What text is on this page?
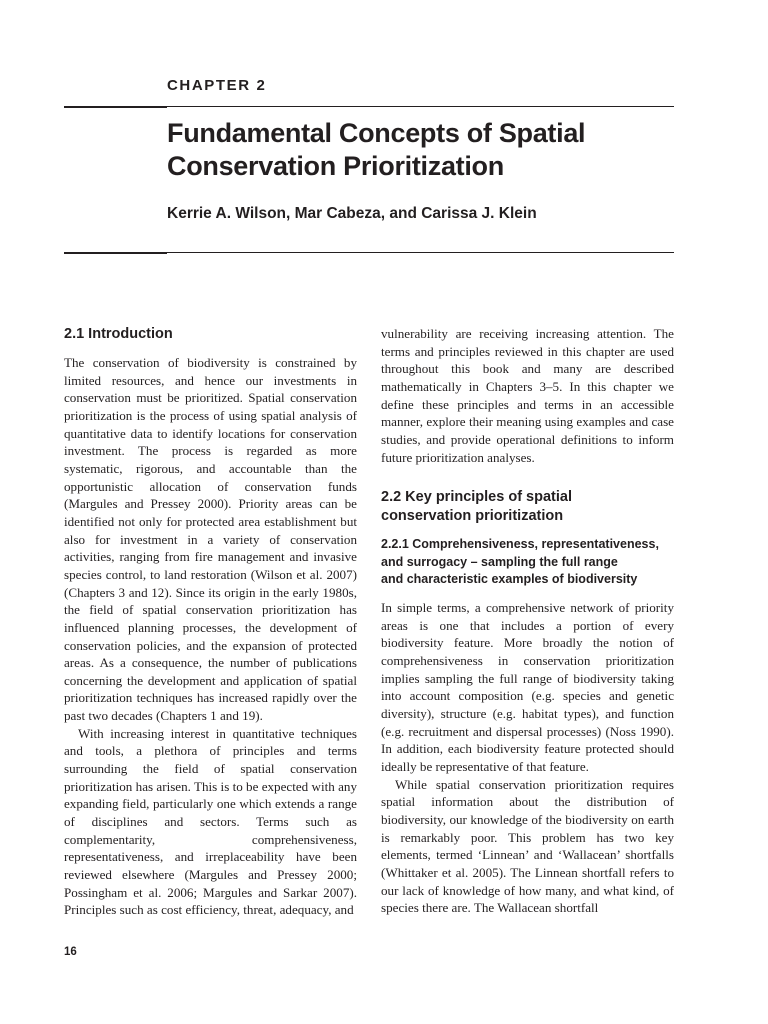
CHAPTER 2
Fundamental Concepts of Spatial
Conservation Prioritization
Kerrie A. Wilson, Mar Cabeza, and Carissa J. Klein
2.1 Introduction

The conservation of biodiversity is constrained by limited resources, and hence our investments in conservation must be prioritized. Spatial conservation prioritization is the process of using spatial analysis of quantitative data to identify locations for conservation investment. The process is regarded as more systematic, rigorous, and accountable than the opportunistic allocation of conservation funds (Margules and Pressey 2000). Priority areas can be identified not only for protected area establishment but also for investment in a variety of conservation activities, ranging from fire management and invasive species control, to land restoration (Wilson et al. 2007) (Chapters 3 and 12). Since its origin in the early 1980s, the field of spatial conservation prioritization has influenced planning processes, the development of conservation policies, and the expansion of protected areas. As a consequence, the number of publications concerning the development and application of spatial prioritization techniques has increased rapidly over the past two decades (Chapters 1 and 19).

With increasing interest in quantitative techniques and tools, a plethora of principles and terms surrounding the field of spatial conservation prioritization has arisen. This is to be expected with any expanding field, particularly one which extends a range of disciplines and sectors. Terms such as complementarity, comprehensiveness, representativeness, and irreplaceability have been reviewed elsewhere (Margules and Pressey 2000; Possingham et al. 2006; Margules and Sarkar 2007). Principles such as cost efficiency, threat, adequacy, and

vulnerability are receiving increasing attention. The terms and principles reviewed in this chapter are used throughout this book and many are described mathematically in Chapters 3–5. In this chapter we define these principles and terms in an accessible manner, explore their meaning using examples and case studies, and provide operational definitions to inform future prioritization analyses.

2.2 Key principles of spatial
conservation prioritization
2.2.1 Comprehensiveness, representativeness,
and surrogacy – sampling the full range
and characteristic examples of biodiversity

In simple terms, a comprehensive network of priority areas is one that includes a portion of every biodiversity feature. More broadly the notion of comprehensiveness in conservation prioritization implies sampling the full range of biodiversity taking into account composition (e.g. species and genetic diversity), structure (e.g. habitat types), and function (e.g. recruitment and dispersal processes) (Noss 1990). In addition, each biodiversity feature protected should ideally be representative of that feature.

While spatial conservation prioritization requires spatial information about the distribution of biodiversity, our knowledge of the biodiversity on earth is remarkably poor. This problem has two key elements, termed ‘Linnean’ and ‘Wallacean’ shortfalls (Whittaker et al. 2005). The Linnean shortfall refers to our lack of knowledge of how many, and what kind, of species there are. The Wallacean shortfall

16
